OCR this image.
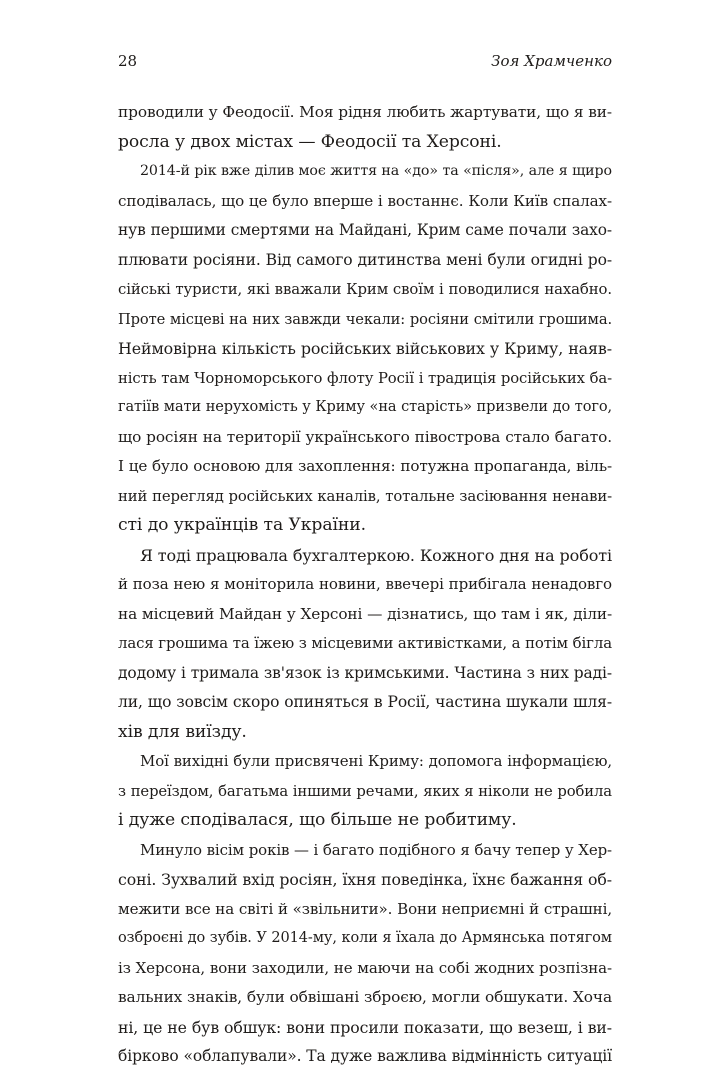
28	Зоя Храмченко
проводили у Феодосії. Моя рідня любить жартувати, що я ви-
росла у двох містах — Феодосії та Херсоні.
2014-й рік вже ділив моє життя на «до» та «після», але я щиро
сподівалась, що це було вперше і востаннє. Коли Київ спалах-
нув першими смертями на Майдані, Крим саме почали захо-
плювати росіяни. Від самого дитинства мені були огидні ро-
сійські туристи, які вважали Крим своїм і поводилися нахабно.
Проте місцеві на них завжди чекали: росіяни смітили грошима.
Неймовірна кількість російських військових у Криму, наяв-
ність там Чорноморського флоту Росії і традиція російських ба-
гатіїв мати нерухомість у Криму «на старість» призвели до того,
що росіян на території українського півострова стало багато.
І це було основою для захоплення: потужна пропаганда, віль-
ний перегляд російських каналів, тотальне засіювання ненави-
сті до українців та України.
Я тоді працювала бухгалтеркою. Кожного дня на роботі
й поза нею я моніторила новини, ввечері прибігала ненадовго
на місцевий Майдан у Херсоні — дізнатись, що там і як, діли-
лася грошима та їжею з місцевими активістками, а потім бігла
додому і тримала зв'язок із кримськими. Частина з них раді-
ли, що зовсім скоро опиняться в Росії, частина шукали шля-
хів для виїзду.
Мої вихідні були присвячені Криму: допомога інформацією,
з переїздом, багатьма іншими речами, яких я ніколи не робила
і дуже сподівалася, що більше не робитиму.
Минуло вісім років — і багато подібного я бачу тепер у Хер-
соні. Зухвалий вхід росіян, їхня поведінка, їхнє бажання об-
межити все на світі й «звільнити». Вони неприємні й страшні,
озброєні до зубів. У 2014-му, коли я їхала до Армянська потягом
із Херсона, вони заходили, не маючи на собі жодних розпізна-
вальних знаків, були обвішані зброєю, могли обшукати. Хоча
ні, це не був обшук: вони просили показати, що везеш, і ви-
бірково «облапували». Та дуже важлива відмінність ситуації
